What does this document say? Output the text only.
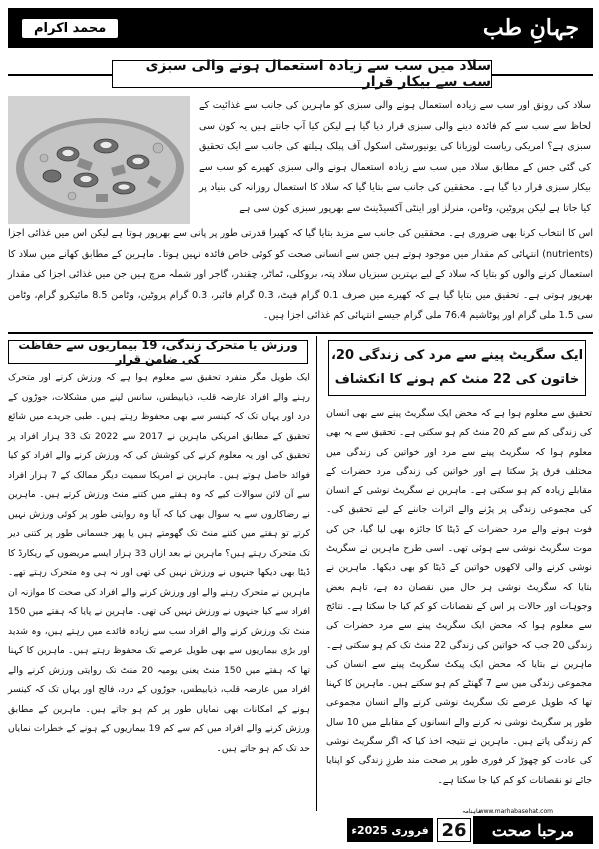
جہانِ طب
محمد اکرام
سلاد میں سب سے زیادہ استعمال ہونے والی سبزی سب سے بیکار قرار
سلاد کی رونق اور سب سے زیادہ استعمال ہونے والی سبزی کو ماہرین کی جانب سے غذائیت کے لحاظ سے سب سے کم فائدہ دینے والی سبزی قرار دیا گیا ہے لیکن کیا آپ جانتے ہیں یہ کون سی سبزی ہے؟ امریکی ریاست لوزیانا کی یونیورسٹی اسکول آف پبلک ہیلتھ کی جانب سے ایک تحقیق کی گئی جس کے مطابق سلاد میں سب سے زیادہ استعمال ہونے والی سبزی کھیرے کو سب سے بیکار سبزی قرار دیا گیا ہے۔ محققین کی جانب سے بتایا گیا کہ سلاد کا استعمال روزانہ کی بنیاد پر کیا جاتا ہے لیکن پروٹین، وٹامن، منرلز اور اینٹی آکسیڈینٹ سے بھرپور سبزی کون سی ہے
اس کا انتخاب کرنا بھی ضروری ہے۔ محققین کی جانب سے مزید بتایا گیا کہ کھیرا قدرتی طور پر پانی سے بھرپور ہوتا ہے لیکن اس میں غذائی اجزا (nutrients) انتہائی کم مقدار میں موجود ہوتے ہیں جس سے انسانی صحت کو کوئی خاص فائدہ نہیں ہوتا۔ ماہرین کے مطابق کھانے میں سلاد کا استعمال کرنے والوں کو بتایا کہ سلاد کے لیے بہترین سبزیاں سلاد پتہ، بروکلی، ٹماٹر، چقندر، گاجر اور شملہ مرچ ہیں جن میں غذائی اجزا کی مقدار بھرپور ہوتی ہے۔ تحقیق میں بتایا گیا ہے کہ کھیرے میں صرف 0.1 گرام فیٹ، 0.3 گرام فائبر، 0.3 گرام پروٹین، وٹامن 8.5 مائیکرو گرام، وٹامن سی 1.5 ملی گرام اور پوٹاشیم 76.4 ملی گرام جیسے انتہائی کم غذائی اجزا ہیں۔
ایک سگریٹ پینے سے مرد کی زندگی 20،
خاتون کی 22 منٹ کم ہونے کا انکشاف
تحقیق سے معلوم ہوا ہے کہ محض ایک سگریٹ پینے سے بھی انسان کی زندگی کم سے کم 20 منٹ کم ہو سکتی ہے۔ تحقیق سے یہ بھی معلوم ہوا کہ سگریٹ پینے سے مرد اور خواتین کی زندگی میں مختلف فرق پڑ سکتا ہے اور خواتین کی زندگی مرد حضرات کے مقابلے زیادہ کم ہو سکتی ہے۔ ماہرین نے سگریٹ نوشی کے انسان کی مجموعی زندگی پر پڑنے والے اثرات جاننے کے لیے تحقیق کی۔ فوت ہونے والے مرد حضرات کے ڈیٹا کا جائزہ بھی لیا گیا، جن کی موت سگریٹ نوشی سے ہوئی تھی۔ اسی طرح ماہرین نے سگریٹ نوشی کرنے والی لاکھوں خواتین کے ڈیٹا کو بھی دیکھا۔ ماہرین نے بتایا کہ سگریٹ نوشی ہر حال میں نقصان دہ ہے، تاہم بعض وجوہات اور حالات پر اس کے نقصانات کو کم کیا جا سکتا ہے۔ نتائج سے معلوم ہوا کہ محض ایک سگریٹ پینے سے مرد حضرات کی زندگی 20 جب کہ خواتین کی زندگی 22 منٹ تک کم ہو سکتی ہے۔ ماہرین نے بتایا کہ محض ایک پیکٹ سگریٹ پینے سے انسان کی مجموعی زندگی میں سے 7 گھنٹے کم ہو سکتے ہیں۔ ماہرین کا کہنا تھا کہ طویل عرصے تک سگریٹ نوشی کرنے والے انسان مجموعی طور پر سگریٹ نوشی نہ کرنے والے انسانوں کے مقابلے میں 10 سال کم زندگی پاتے ہیں۔ ماہرین نے نتیجہ اخذ کیا کہ اگر سگریٹ نوشی کی عادت کو چھوڑ کر فوری طور پر صحت مند طرزِ زندگی کو اپنایا جائے تو نقصانات کو کم کیا جا سکتا ہے۔
ورزش یا متحرک زندگی، 19 بیماریوں سے حفاظت کی ضامن قرار
ایک طویل مگر منفرد تحقیق سے معلوم ہوا ہے کہ ورزش کرنے اور متحرک رہنے والے افراد عارضہ قلب، ذیابیطس، سانس لینے میں مشکلات، جوڑوں کے درد اور یہاں تک کہ کینسر سے بھی محفوظ رہتے ہیں۔ طبی جریدے میں شائع تحقیق کے مطابق امریکی ماہرین نے 2017 سے 2022 تک 33 ہزار افراد پر تحقیق کی اور یہ معلوم کرنے کی کوشش کی کہ ورزش کرنے والے افراد کو کیا فوائد حاصل ہوتے ہیں۔ ماہرین نے امریکا سمیت دیگر ممالک کے 7 ہزار افراد سے آن لائن سوالات کیے کہ وہ ہفتے میں کتنے منٹ ورزش کرتے ہیں۔ ماہرین نے رضاکاروں سے یہ سوال بھی کیا کہ آیا وہ روایتی طور پر کوئی ورزش نہیں کرتے تو ہفتے میں کتنے منٹ تک گھومتے ہیں یا پھر جسمانی طور پر کتنی دیر تک متحرک رہتے ہیں؟ ماہرین نے بعد ازاں 33 ہزار ایسے مریضوں کے ریکارڈ کا ڈیٹا بھی دیکھا جنہوں نے ورزش نہیں کی تھی اور نہ ہی وہ متحرک رہتے تھے۔ ماہرین نے متحرک رہنے والے اور ورزش کرنے والے افراد کی صحت کا موازنہ ان افراد سے کیا جنہوں نے ورزش نہیں کی تھی۔ ماہرین نے پایا کہ ہفتے میں 150 منٹ تک ورزش کرنے والے افراد سب سے زیادہ فائدے میں رہتے ہیں، وہ شدید اور بڑی بیماریوں سے بھی طویل عرصے تک محفوظ رہتے ہیں۔ ماہرین کا کہنا تھا کہ ہفتے میں 150 منٹ یعنی یومیہ 20 منٹ تک روایتی ورزش کرنے والے افراد میں عارضہ قلب، ذیابیطس، جوڑوں کے درد، فالج اور یہاں تک کہ کینسر ہونے کے امکانات بھی نمایاں طور پر کم ہو جاتے ہیں۔ ماہرین کے مطابق ورزش کرنے والے افراد میں کم سے کم 19 بیماریوں کے ہونے کے خطرات نمایاں حد تک کم ہو جاتے ہیں۔
ماہنامہ
www.marhabasehat.com
مرحبا صحت
26
فروری 2025ء
